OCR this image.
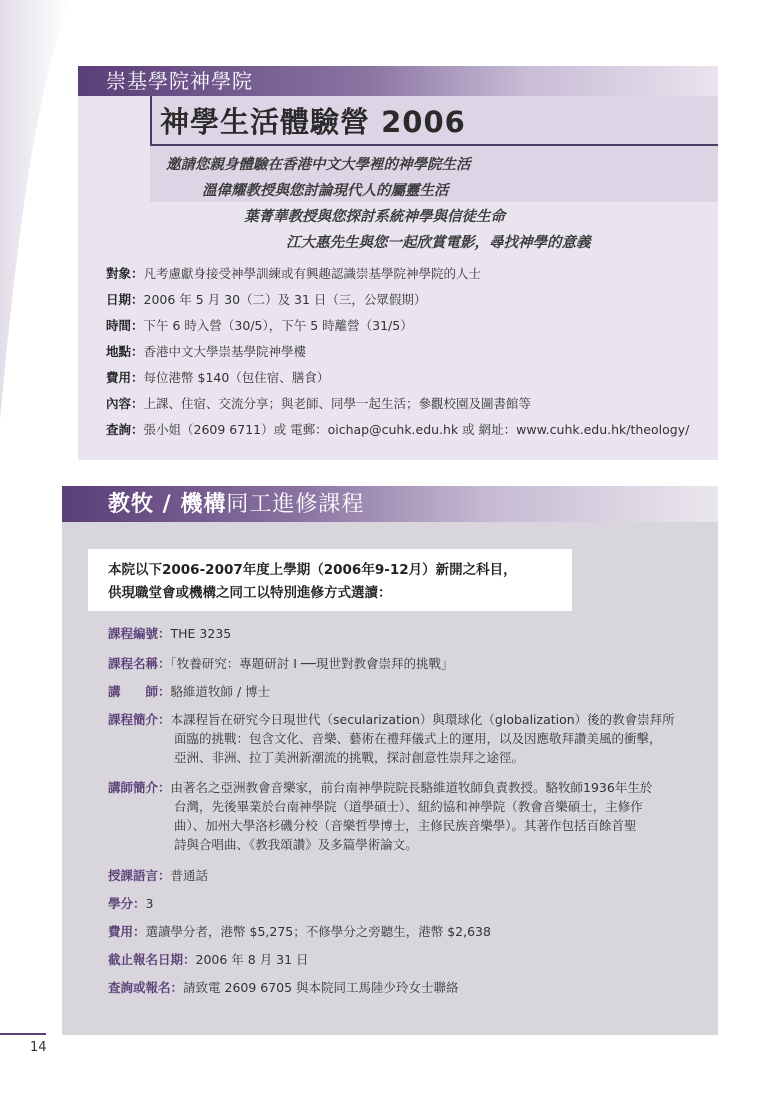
崇基學院神學院
神學生活體驗營 2006
邀請您親身體驗在香港中文大學裡的神學院生活
溫偉耀教授與您討論現代人的屬靈生活
葉菁華教授與您探討系統神學與信徒生命
江大惠先生與您一起欣賞電影，尋找神學的意義
對象：凡考慮獻身接受神學訓練或有興趣認識崇基學院神學院的人士
日期：2006 年 5 月 30（二）及 31 日（三，公眾假期）
時間：下午 6 時入營（30/5），下午 5 時離營（31/5）
地點：香港中文大學崇基學院神學樓
費用：每位港幣 $140（包住宿、膳食）
內容：上課、住宿、交流分享；與老師、同學一起生活；參觀校園及圖書館等
查詢：張小姐（2609 6711）或 電郵：oichap@cuhk.edu.hk 或 網址：www.cuhk.edu.hk/theology/
教牧 / 機構同工進修課程
本院以下2006-2007年度上學期（2006年9-12月）新開之科目，
供現職堂會或機構之同工以特別進修方式選讀：
課程編號：THE 3235
課程名稱：「牧養研究：專題研討 I ──現世對教會崇拜的挑戰」
講　　師：駱維道牧師 / 博士
課程簡介：本課程旨在研究今日現世代（secularization）與環球化（globalization）後的教會崇拜所
面臨的挑戰：包含文化、音樂、藝術在禮拜儀式上的運用，以及因應敬拜讚美風的衝擊，
亞洲、非洲、拉丁美洲新潮流的挑戰，探討創意性崇拜之途徑。
講師簡介：由著名之亞洲教會音樂家，前台南神學院院長駱維道牧師負責教授。駱牧師1936年生於
台灣，先後畢業於台南神學院（道學碩士）、紐約協和神學院（教會音樂碩士，主修作
曲）、加州大學洛杉磯分校（音樂哲學博士，主修民族音樂學）。其著作包括百餘首聖
詩與合唱曲、《教我頌讚》及多篇學術論文。
授課語言：普通話
學分：3
費用：選讀學分者，港幣 $5,275；不修學分之旁聽生，港幣 $2,638
截止報名日期：2006 年 8 月 31 日
查詢或報名：請致電 2609 6705 與本院同工馬陸少玲女士聯絡
14
